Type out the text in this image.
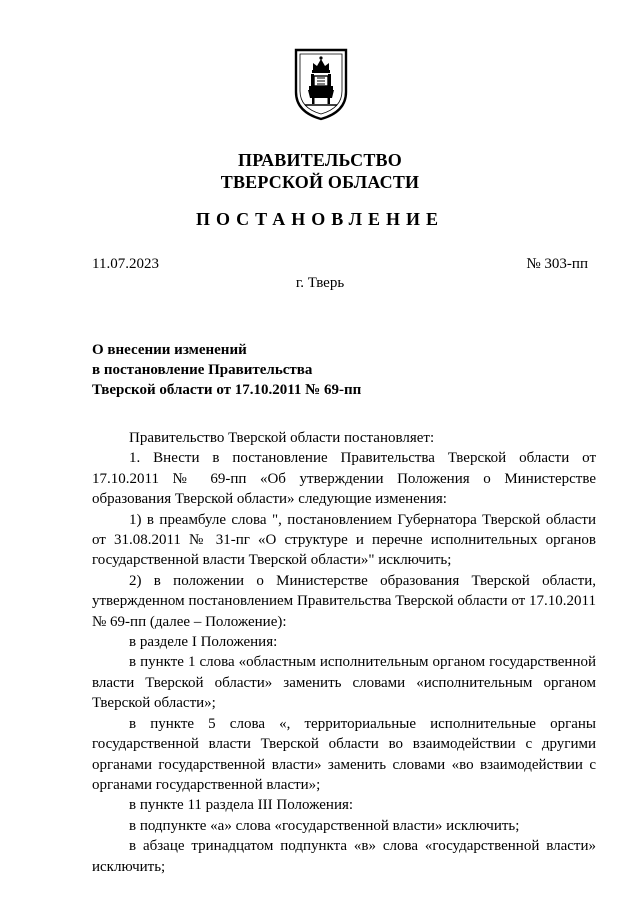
ПРАВИТЕЛЬСТВО
ТВЕРСКОЙ ОБЛАСТИ
ПОСТАНОВЛЕНИЕ
11.07.2023	№ 303-пп
г. Тверь
О внесении изменений
в постановление Правительства
Тверской области от 17.10.2011 № 69-пп

Правительство Тверской области постановляет:

1. Внести в постановление Правительства Тверской области от 17.10.2011 № 69-пп «Об утверждении Положения о Министерстве образования Тверской области» следующие изменения:

1) в преамбуле слова ", постановлением Губернатора Тверской области от 31.08.2011 № 31-пг «О структуре и перечне исполнительных органов государственной власти Тверской области»" исключить;

2) в положении о Министерстве образования Тверской области, утвержденном постановлением Правительства Тверской области от 17.10.2011 № 69-пп (далее – Положение):

в разделе I Положения:

в пункте 1 слова «областным исполнительным органом государственной власти Тверской области» заменить словами «исполнительным органом Тверской области»;

в пункте 5 слова «, территориальные исполнительные органы государственной власти Тверской области во взаимодействии с другими органами государственной власти» заменить словами «во взаимодействии с органами государственной власти»;

в пункте 11 раздела III Положения:

в подпункте «а» слова «государственной власти» исключить;

в абзаце тринадцатом подпункта «в» слова «государственной власти» исключить;
